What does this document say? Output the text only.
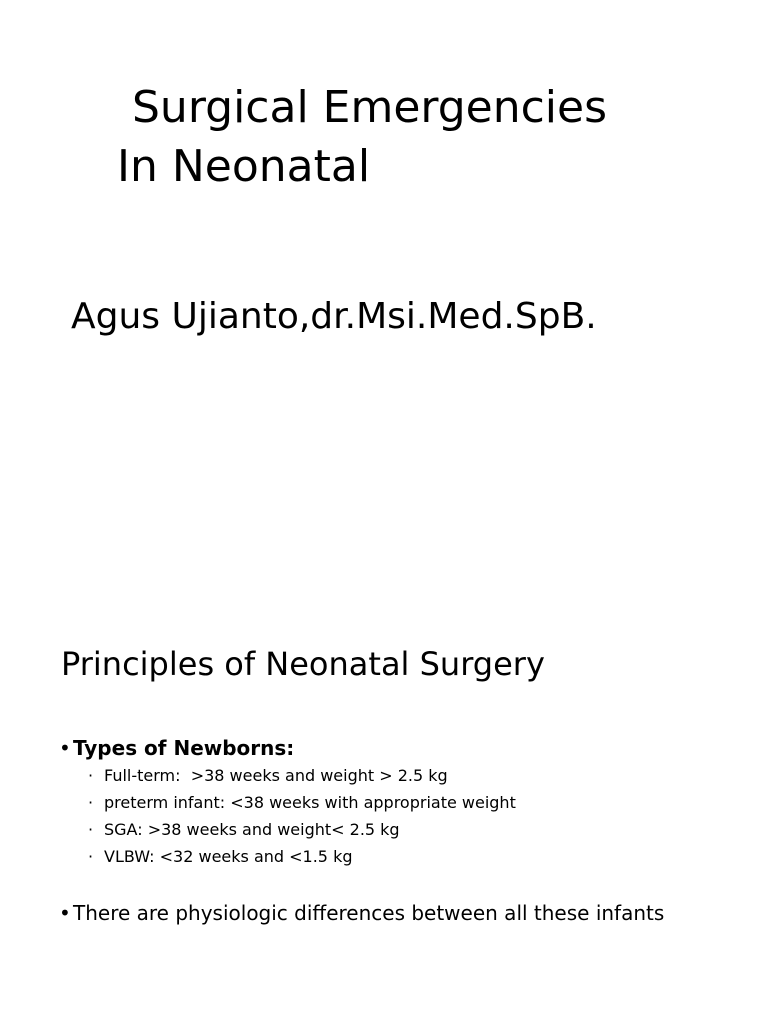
Surgical Emergencies
In Neonatal
Agus Ujianto,dr.Msi.Med.SpB.
Principles of Neonatal Surgery
• Types of Newborns:
· Full-term:  >38 weeks and weight > 2.5 kg
· preterm infant: <38 weeks with appropriate weight
· SGA: >38 weeks and weight< 2.5 kg
· VLBW: <32 weeks and <1.5 kg
• There are physiologic differences between all these infants
